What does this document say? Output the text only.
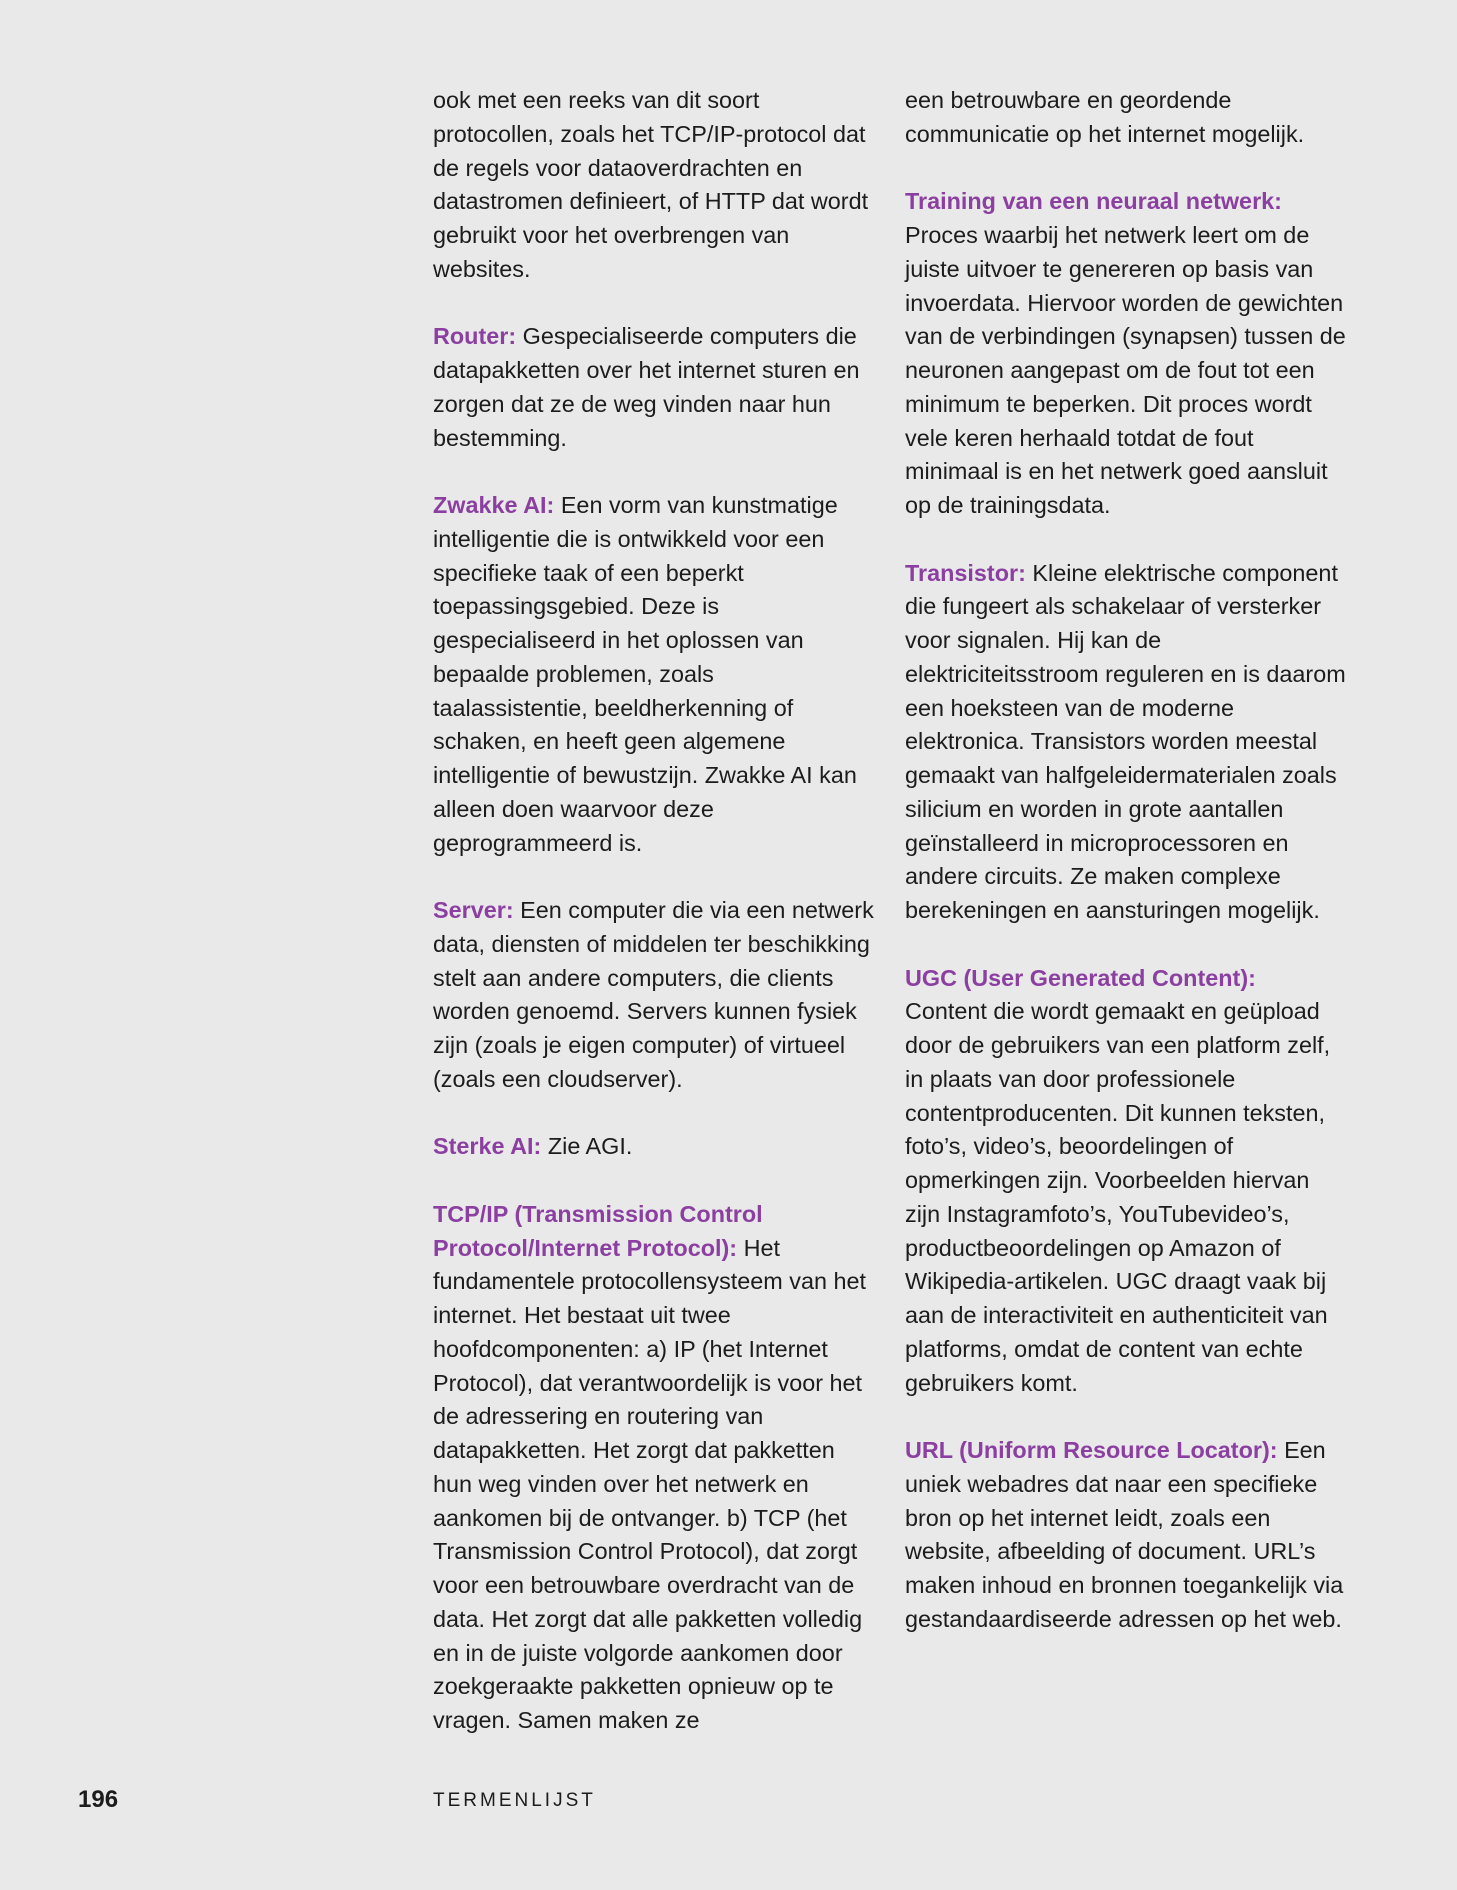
ook met een reeks van dit soort protocollen, zoals het TCP/IP-protocol dat de regels voor dataoverdrachten en datastromen definieert, of HTTP dat wordt gebruikt voor het overbrengen van websites.

Router: Gespecialiseerde computers die datapakketten over het internet sturen en zorgen dat ze de weg vinden naar hun bestemming.

Zwakke AI: Een vorm van kunstmatige intelligentie die is ontwikkeld voor een specifieke taak of een beperkt toepassingsgebied. Deze is gespecialiseerd in het oplossen van bepaalde problemen, zoals taalassistentie, beeldherkenning of schaken, en heeft geen algemene intelligentie of bewustzijn. Zwakke AI kan alleen doen waarvoor deze geprogrammeerd is.

Server: Een computer die via een netwerk data, diensten of middelen ter beschikking stelt aan andere computers, die clients worden genoemd. Servers kunnen fysiek zijn (zoals je eigen computer) of virtueel (zoals een cloudserver).

Sterke AI: Zie AGI.

TCP/IP (Transmission Control Protocol/Internet Protocol): Het fundamentele protocollensysteem van het internet. Het bestaat uit twee hoofdcomponenten: a) IP (het Internet Protocol), dat verantwoordelijk is voor het de adressering en routering van datapakketten. Het zorgt dat pakketten hun weg vinden over het netwerk en aankomen bij de ontvanger. b) TCP (het Transmission Control Protocol), dat zorgt voor een betrouwbare overdracht van de data. Het zorgt dat alle pakketten volledig en in de juiste volgorde aankomen door zoekgeraakte pakketten opnieuw op te vragen. Samen maken ze

een betrouwbare en geordende communicatie op het internet mogelijk.

Training van een neuraal netwerk:
Proces waarbij het netwerk leert om de juiste uitvoer te genereren op basis van invoerdata. Hiervoor worden de gewichten van de verbindingen (synapsen) tussen de neuronen aangepast om de fout tot een minimum te beperken. Dit proces wordt vele keren herhaald totdat de fout minimaal is en het netwerk goed aansluit op de trainingsdata.

Transistor: Kleine elektrische component die fungeert als schakelaar of versterker voor signalen. Hij kan de elektriciteitsstroom reguleren en is daarom een hoeksteen van de moderne elektronica. Transistors worden meestal gemaakt van halfgeleidermaterialen zoals silicium en worden in grote aantallen geïnstalleerd in microprocessoren en andere circuits. Ze maken complexe berekeningen en aansturingen mogelijk.

UGC (User Generated Content):
Content die wordt gemaakt en geüpload door de gebruikers van een platform zelf, in plaats van door professionele contentproducenten. Dit kunnen teksten, foto’s, video’s, beoordelingen of opmerkingen zijn. Voorbeelden hiervan zijn Instagramfoto’s, YouTubevideo’s, productbeoordelingen op Amazon of Wikipedia-artikelen. UGC draagt vaak bij aan de interactiviteit en authenticiteit van platforms, omdat de content van echte gebruikers komt.

URL (Uniform Resource Locator): Een uniek webadres dat naar een specifieke bron op het internet leidt, zoals een website, afbeelding of document. URL’s maken inhoud en bronnen toegankelijk via gestandaardiseerde adressen op het web.

196	TERMENLIJST
